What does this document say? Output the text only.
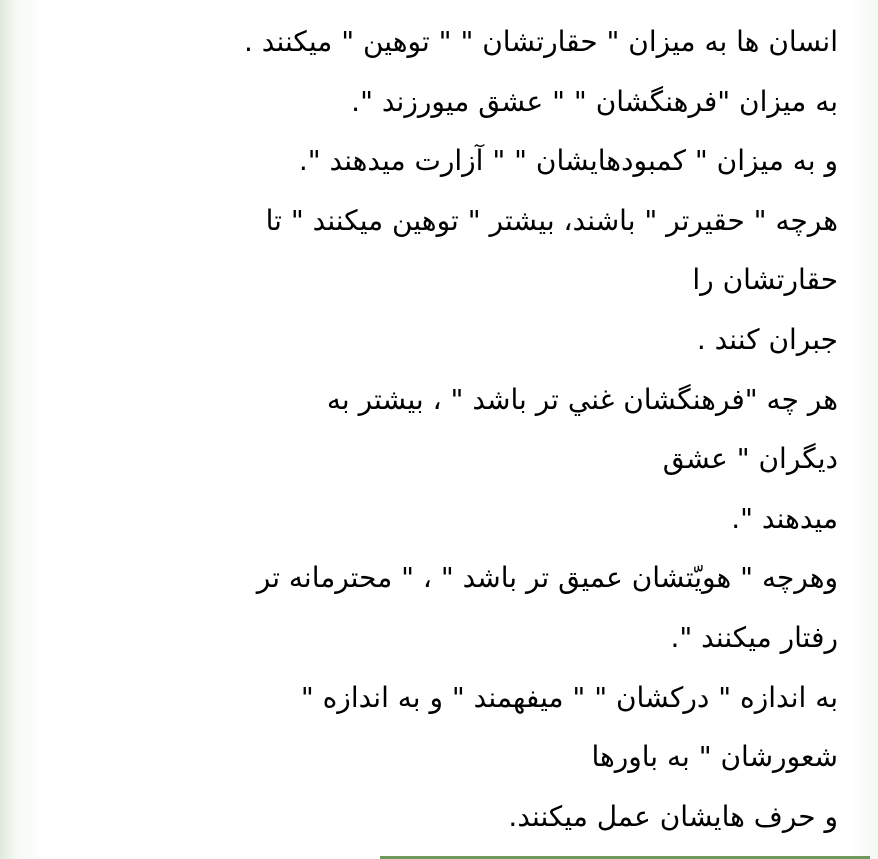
انسان ها به میزان " حقارتشان " " توهین " میکنند .
به میزان "فرهنگشان " " عشق میورزند ".
و به میزان " کمبودهایشان " " آزارت میدهند ".
هرچه " حقیرتر " باشند، بیشتر " توهین میکنند " تا
حقارتشان را
جبران کنند .
هر چه "فرهنگشان غني تر باشد " ، بیشتر به
دیگران " عشق
میدهند ".
وهرچه " هویّتشان عمیق تر باشد " ، " محترمانه تر
رفتار میکنند ".
به اندازه " درکشان " " میفهمند " و به اندازه "
شعورشان " به باورها
و حرف هایشان عمل میکنند.
